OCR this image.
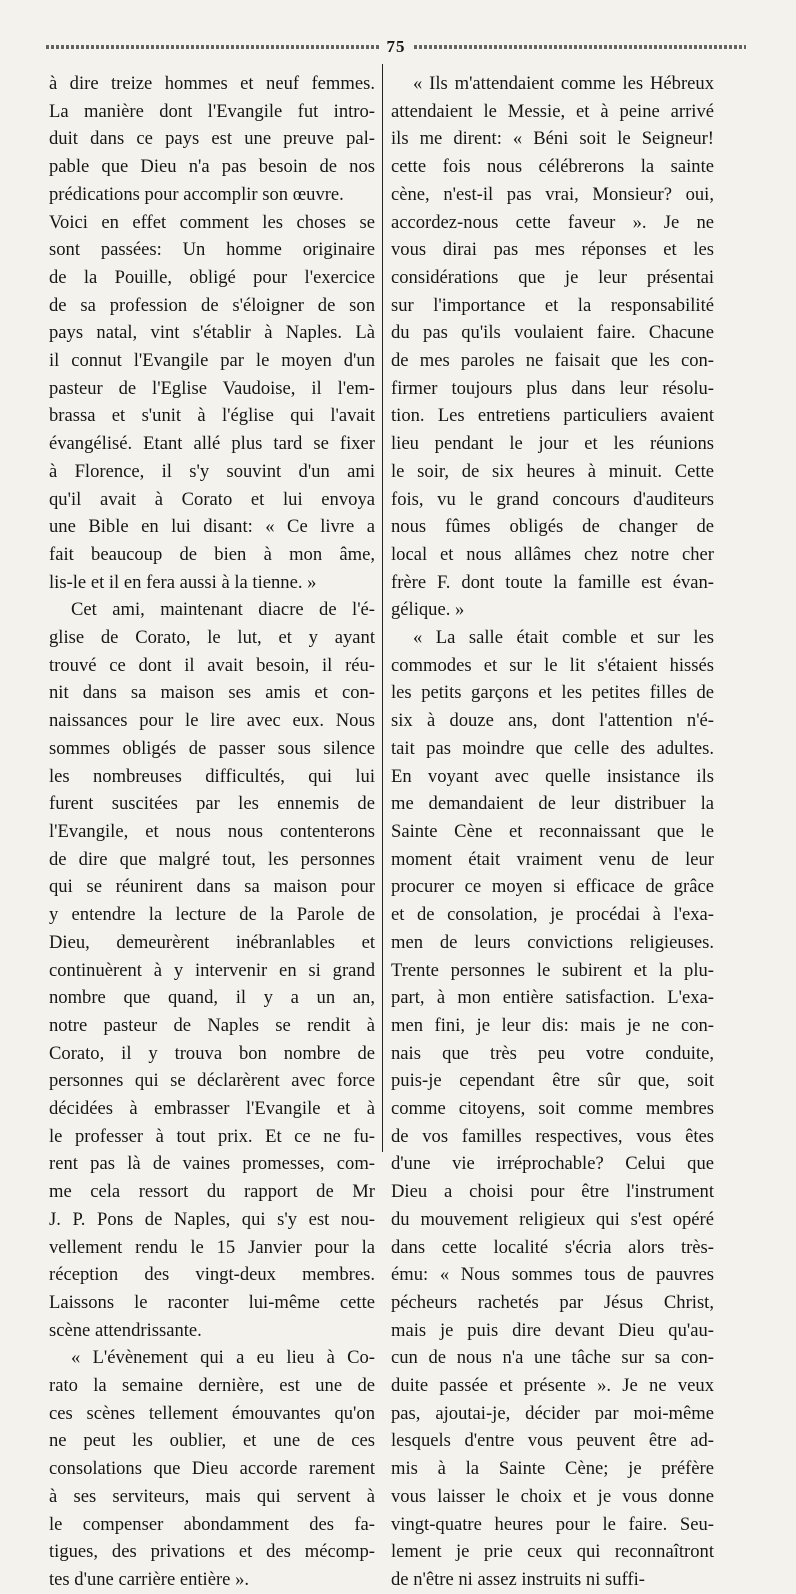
75
à dire treize hommes et neuf femmes.
La manière dont l'Evangile fut intro-
duit dans ce pays est une preuve pal-
pable que Dieu n'a pas besoin de nos
prédications pour accomplir son œuvre.
Voici en effet comment les choses se
sont passées: Un homme originaire
de la Pouille, obligé pour l'exercice
de sa profession de s'éloigner de son
pays natal, vint s'établir à Naples. Là
il connut l'Evangile par le moyen d'un
pasteur de l'Eglise Vaudoise, il l'em-
brassa et s'unit à l'église qui l'avait
évangélisé. Etant allé plus tard se fixer
à Florence, il s'y souvint d'un ami
qu'il avait à Corato et lui envoya
une Bible en lui disant: « Ce livre a
fait beaucoup de bien à mon âme,
lis-le et il en fera aussi à la tienne. »
Cet ami, maintenant diacre de l'é-
glise de Corato, le lut, et y ayant
trouvé ce dont il avait besoin, il réu-
nit dans sa maison ses amis et con-
naissances pour le lire avec eux. Nous
sommes obligés de passer sous silence
les nombreuses difficultés, qui lui
furent suscitées par les ennemis de
l'Evangile, et nous nous contenterons
de dire que malgré tout, les personnes
qui se réunirent dans sa maison pour
y entendre la lecture de la Parole de
Dieu, demeurèrent inébranlables et
continuèrent à y intervenir en si grand
nombre que quand, il y a un an,
notre pasteur de Naples se rendit à
Corato, il y trouva bon nombre de
personnes qui se déclarèrent avec force
décidées à embrasser l'Evangile et à
le professer à tout prix. Et ce ne fu-
rent pas là de vaines promesses, com-
me cela ressort du rapport de Mr
J. P. Pons de Naples, qui s'y est nou-
vellement rendu le 15 Janvier pour la
réception des vingt-deux membres.
Laissons le raconter lui-même cette
scène attendrissante.
« L'évènement qui a eu lieu à Co-
rato la semaine dernière, est une de
ces scènes tellement émouvantes qu'on
ne peut les oublier, et une de ces
consolations que Dieu accorde rarement
à ses serviteurs, mais qui servent à
le compenser abondamment des fa-
tigues, des privations et des mécomp-
tes d'une carrière entière ».
« Ils m'attendaient comme les Hébreux
attendaient le Messie, et à peine arrivé
ils me dirent: « Béni soit le Seigneur!
cette fois nous célébrerons la sainte
cène, n'est-il pas vrai, Monsieur? oui,
accordez-nous cette faveur ». Je ne
vous dirai pas mes réponses et les
considérations que je leur présentai
sur l'importance et la responsabilité
du pas qu'ils voulaient faire. Chacune
de mes paroles ne faisait que les con-
firmer toujours plus dans leur résolu-
tion. Les entretiens particuliers avaient
lieu pendant le jour et les réunions
le soir, de six heures à minuit. Cette
fois, vu le grand concours d'auditeurs
nous fûmes obligés de changer de
local et nous allâmes chez notre cher
frère F. dont toute la famille est évan-
gélique. »
« La salle était comble et sur les
commodes et sur le lit s'étaient hissés
les petits garçons et les petites filles de
six à douze ans, dont l'attention n'é-
tait pas moindre que celle des adultes.
En voyant avec quelle insistance ils
me demandaient de leur distribuer la
Sainte Cène et reconnaissant que le
moment était vraiment venu de leur
procurer ce moyen si efficace de grâce
et de consolation, je procédai à l'exa-
men de leurs convictions religieuses.
Trente personnes le subirent et la plu-
part, à mon entière satisfaction. L'exa-
men fini, je leur dis: mais je ne con-
nais que très peu votre conduite,
puis-je cependant être sûr que, soit
comme citoyens, soit comme membres
de vos familles respectives, vous êtes
d'une vie irréprochable? Celui que
Dieu a choisi pour être l'instrument
du mouvement religieux qui s'est opéré
dans cette localité s'écria alors très-
ému: « Nous sommes tous de pauvres
pécheurs rachetés par Jésus Christ,
mais je puis dire devant Dieu qu'au-
cun de nous n'a une tâche sur sa con-
duite passée et présente ». Je ne veux
pas, ajoutai-je, décider par moi-même
lesquels d'entre vous peuvent être ad-
mis à la Sainte Cène; je préfère
vous laisser le choix et je vous donne
vingt-quatre heures pour le faire. Seu-
lement je prie ceux qui reconnaîtront
de n'être ni assez instruits ni suffi-
